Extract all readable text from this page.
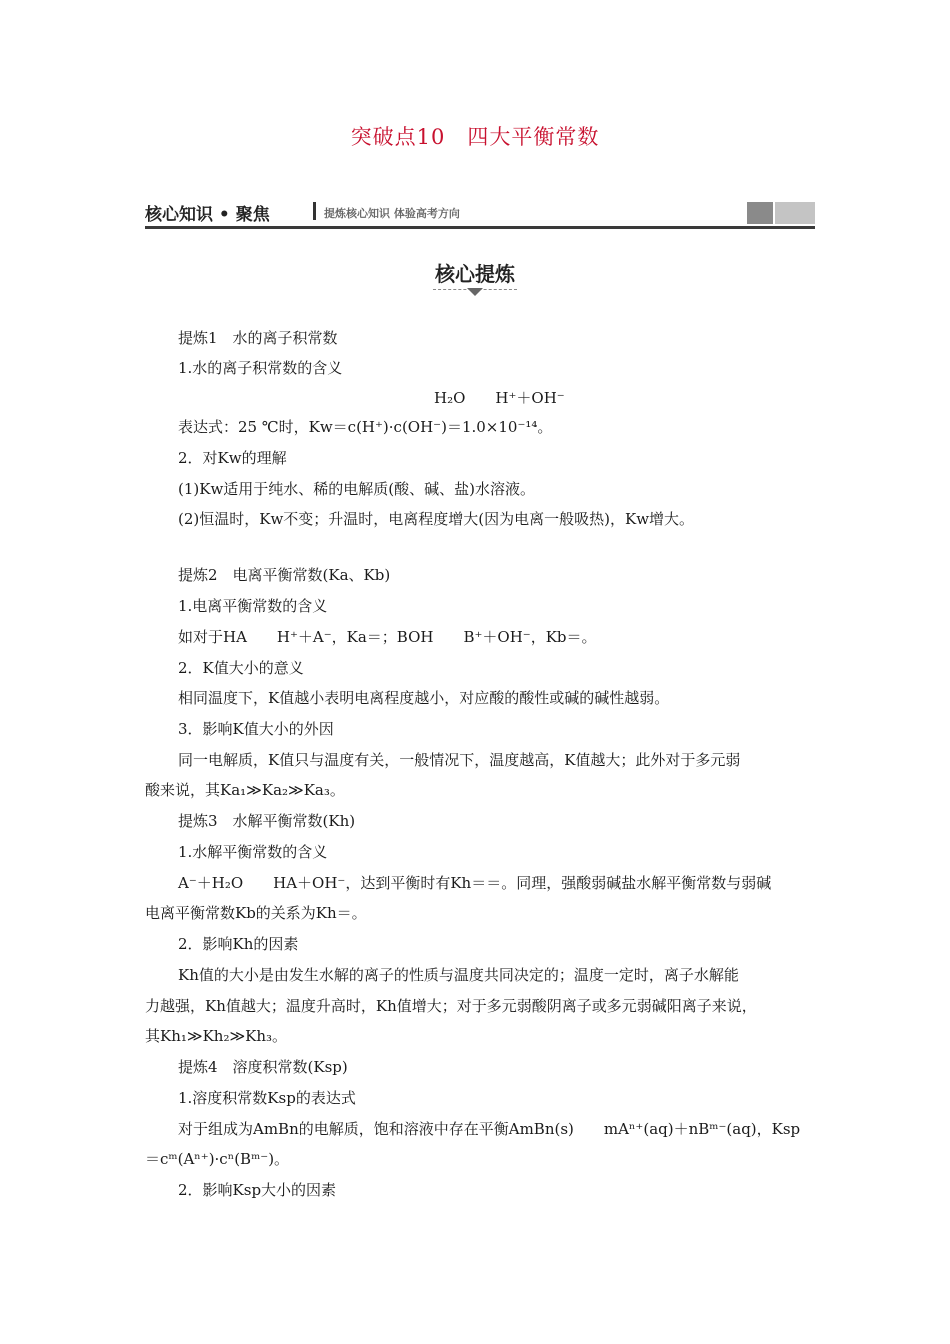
突破点10　四大平衡常数
核心知识 • 聚焦	提炼核心知识 体验高考方向
核心提炼
提炼1　水的离子积常数
1.水的离子积常数的含义
H₂O　　H⁺＋OH⁻
表达式：25 ℃时，Kw＝c(H⁺)·c(OH⁻)＝1.0×10⁻¹⁴。
2．对Kw的理解
(1)Kw适用于纯水、稀的电解质(酸、碱、盐)水溶液。
(2)恒温时，Kw不变；升温时，电离程度增大(因为电离一般吸热)，Kw增大。
提炼2　电离平衡常数(Ka、Kb)
1.电离平衡常数的含义
如对于HA　　H⁺＋A⁻，Ka＝；BOH　　B⁺＋OH⁻，Kb＝。
2．K值大小的意义
相同温度下，K值越小表明电离程度越小，对应酸的酸性或碱的碱性越弱。
3．影响K值大小的外因
同一电解质，K值只与温度有关，一般情况下，温度越高，K值越大；此外对于多元弱
酸来说，其Ka₁≫Ka₂≫Ka₃。
提炼3　水解平衡常数(Kh)
1.水解平衡常数的含义
A⁻＋H₂O　　HA＋OH⁻，达到平衡时有Kh＝＝。同理，强酸弱碱盐水解平衡常数与弱碱
电离平衡常数Kb的关系为Kh＝。
2．影响Kh的因素
Kh值的大小是由发生水解的离子的性质与温度共同决定的；温度一定时，离子水解能
力越强，Kh值越大；温度升高时，Kh值增大；对于多元弱酸阴离子或多元弱碱阳离子来说，
其Kh₁≫Kh₂≫Kh₃。
提炼4　溶度积常数(Ksp)
1.溶度积常数Ksp的表达式
对于组成为AmBn的电解质，饱和溶液中存在平衡AmBn(s)　　mAⁿ⁺(aq)＋nBᵐ⁻(aq)，Ksp
＝cᵐ(Aⁿ⁺)·cⁿ(Bᵐ⁻)。
2．影响Ksp大小的因素
